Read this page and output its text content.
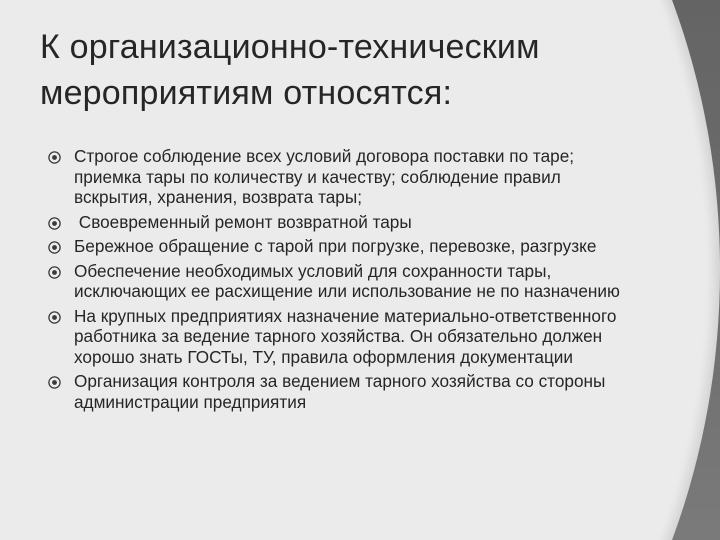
К организационно-техническим
мероприятиям относятся:
Строгое соблюдение всех условий договора поставки по таре; приемка тары по количеству и качеству; соблюдение правил вскрытия, хранения, возврата тары;
Своевременный ремонт возвратной тары
Бережное обращение с тарой при погрузке, перевозке, разгрузке
Обеспечение необходимых условий для сохранности тары, исключающих ее расхищение или использование не по назначению
На крупных предприятиях назначение материально-ответственного работника за ведение тарного хозяйства. Он обязательно должен хорошо знать ГОСТы, ТУ, правила оформления документации
Организация контроля за ведением тарного хозяйства со стороны администрации предприятия
